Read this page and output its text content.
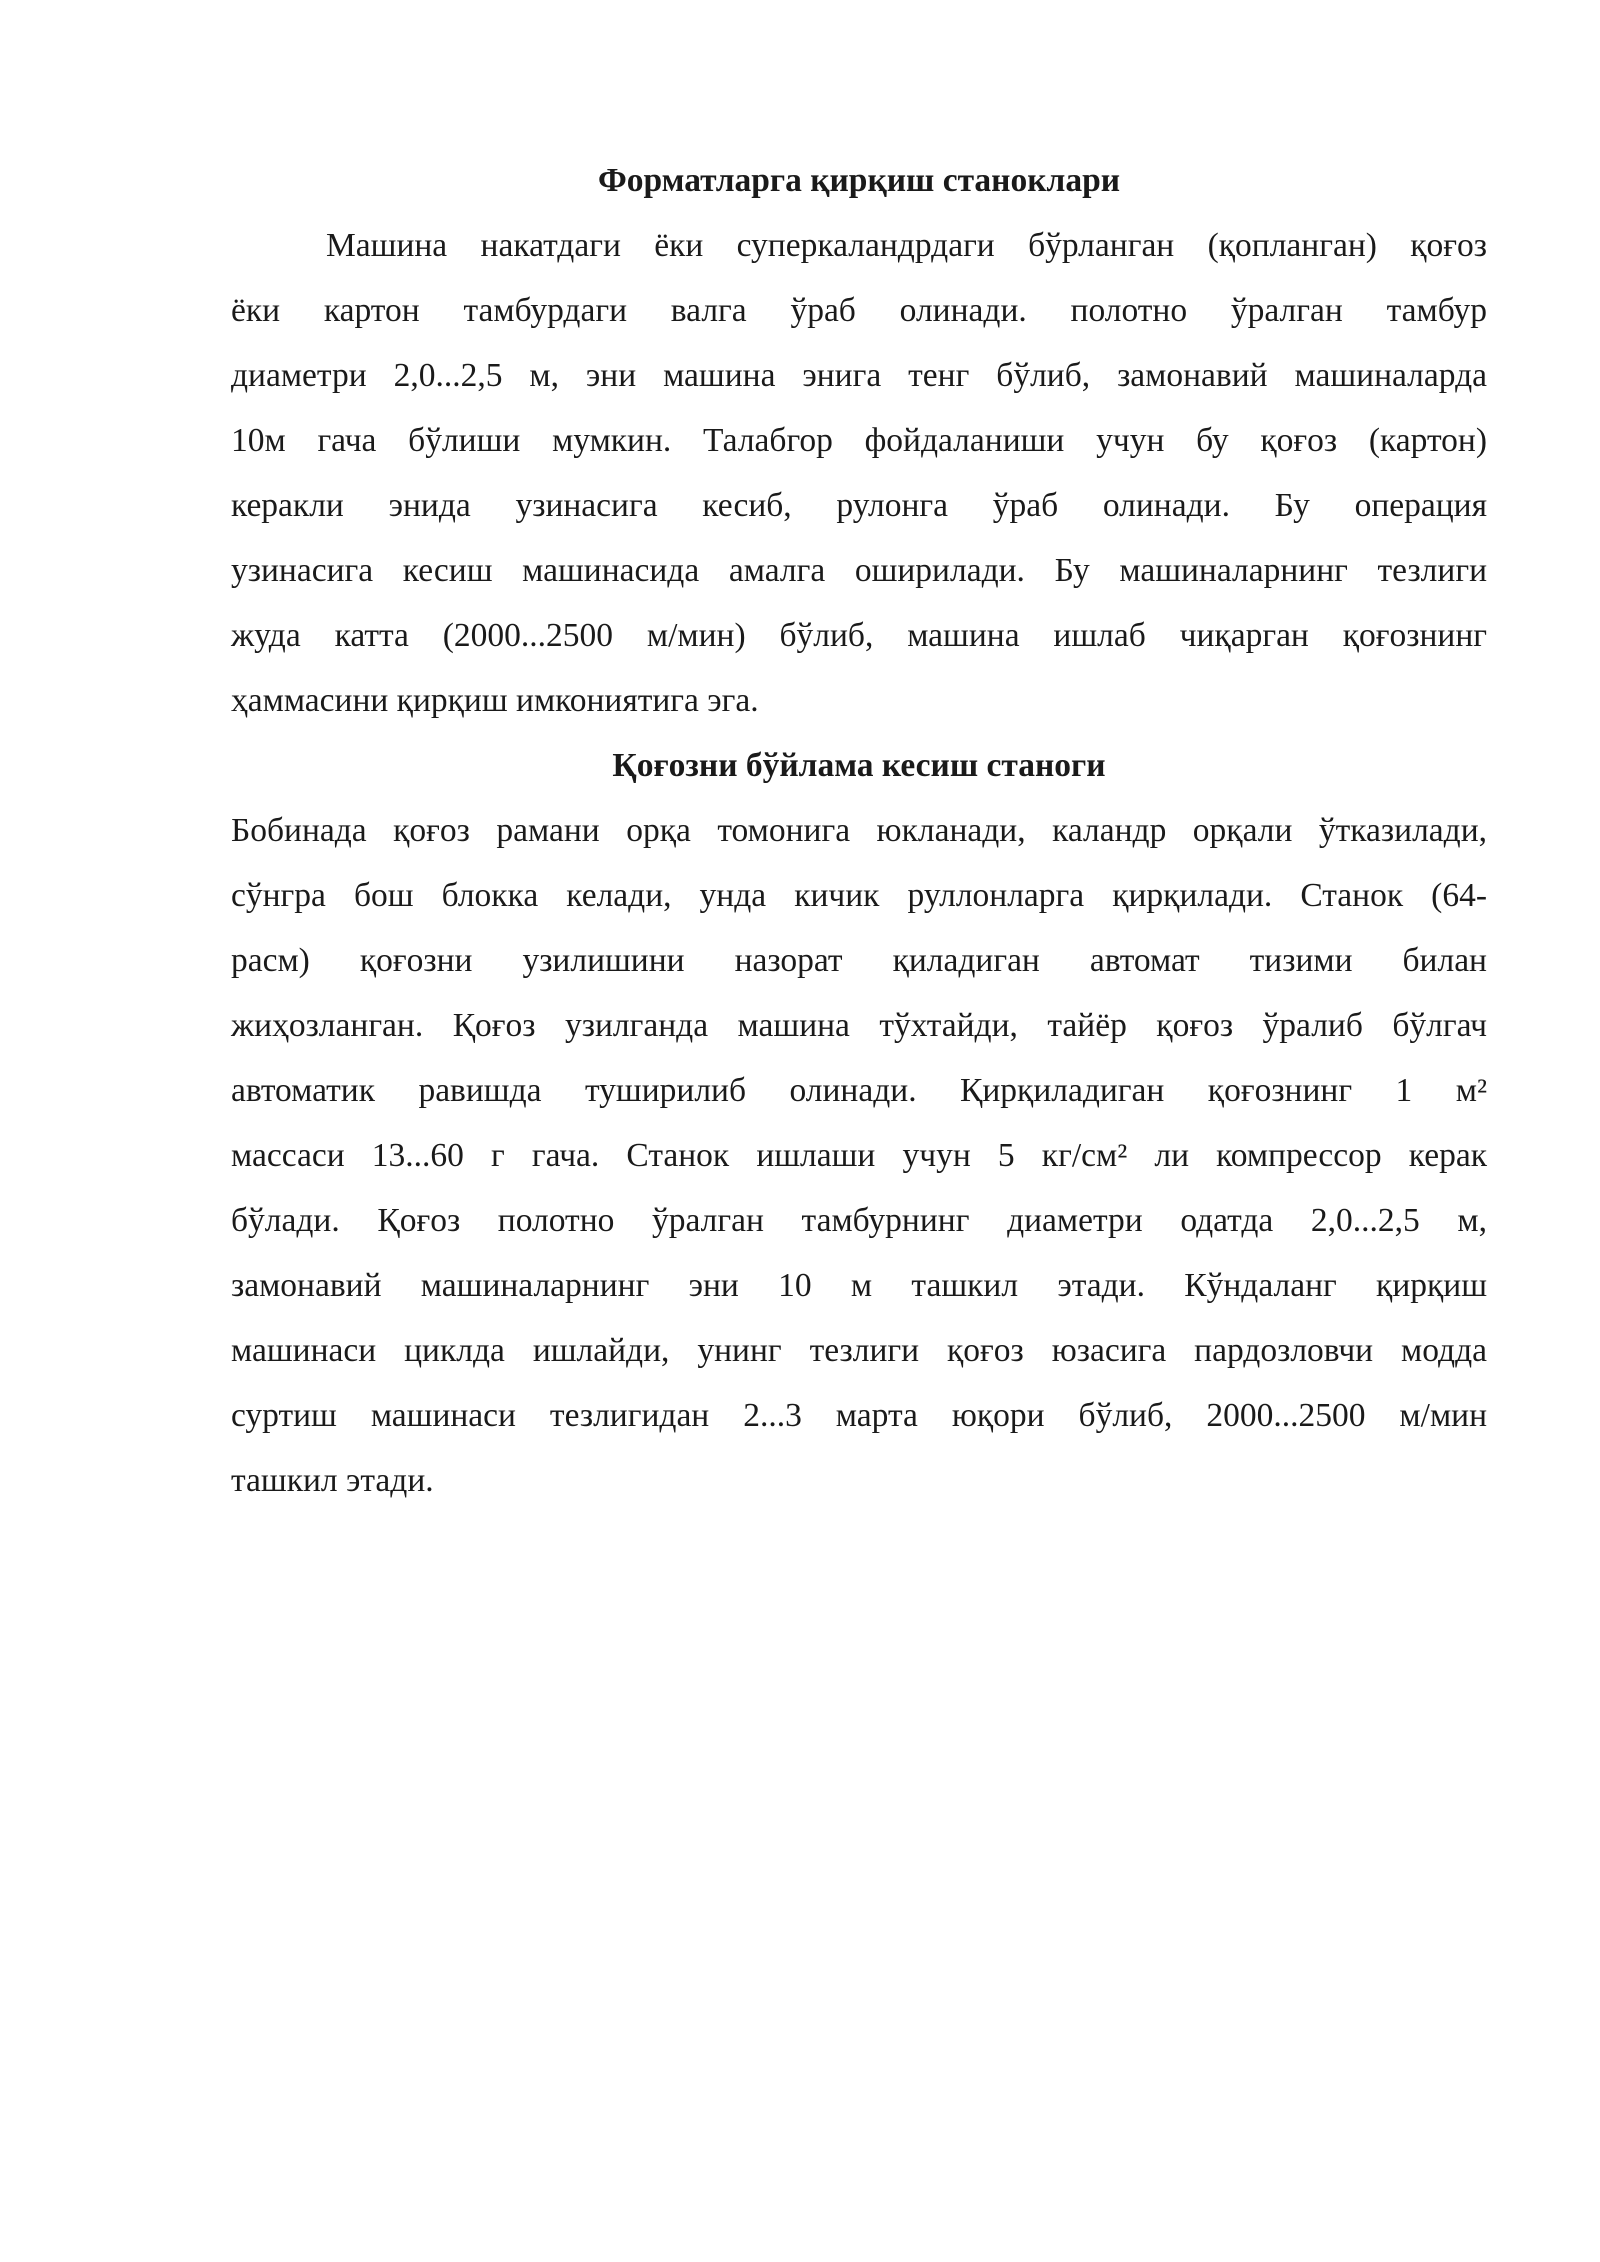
Форматларга қирқиш станоклари

Машина накатдаги ёки суперкаландрдаги бўрланган (қопланган) қоғоз
ёки картон тамбурдаги валга ўраб олинади. полотно ўралган тамбур
диаметри 2,0...2,5 м, эни машина энига тенг бўлиб, замонавий машиналарда
10м гача бўлиши мумкин. Талабгор фойдаланиши учун бу қоғоз (картон)
керакли энида узинасига кесиб, рулонга ўраб олинади. Бу операция
узинасига кесиш машинасида амалга оширилади. Бу машиналарнинг тезлиги
жуда катта (2000...2500 м/мин) бўлиб, машина ишлаб чиқарган қоғознинг
ҳаммасини қирқиш имкониятига эга.

Қоғозни бўйлама кесиш станоги

Бобинада қоғоз рамани орқа томонига юкланади, каландр орқали ўтказилади,
сўнгра бош блокка келади, унда кичик руллонларга қирқилади. Станок (64-
расм) қоғозни узилишини назорат қиладиган автомат тизими билан
жиҳозланган. Қоғоз узилганда машина тўхтайди, тайёр қоғоз ўралиб бўлгач
автоматик равишда туширилиб олинади. Қирқиладиган қоғознинг 1 м²
массаси 13...60 г гача. Станок ишлаши учун 5 кг/см² ли компрессор керак
бўлади. Қоғоз полотно ўралган тамбурнинг диаметри одатда 2,0...2,5 м,
замонавий машиналарнинг эни 10 м ташкил этади. Кўндаланг қирқиш
машинаси циклда ишлайди, унинг тезлиги қоғоз юзасига пардозловчи модда
суртиш машинаси тезлигидан 2...3 марта юқори бўлиб, 2000...2500 м/мин
ташкил этади.
